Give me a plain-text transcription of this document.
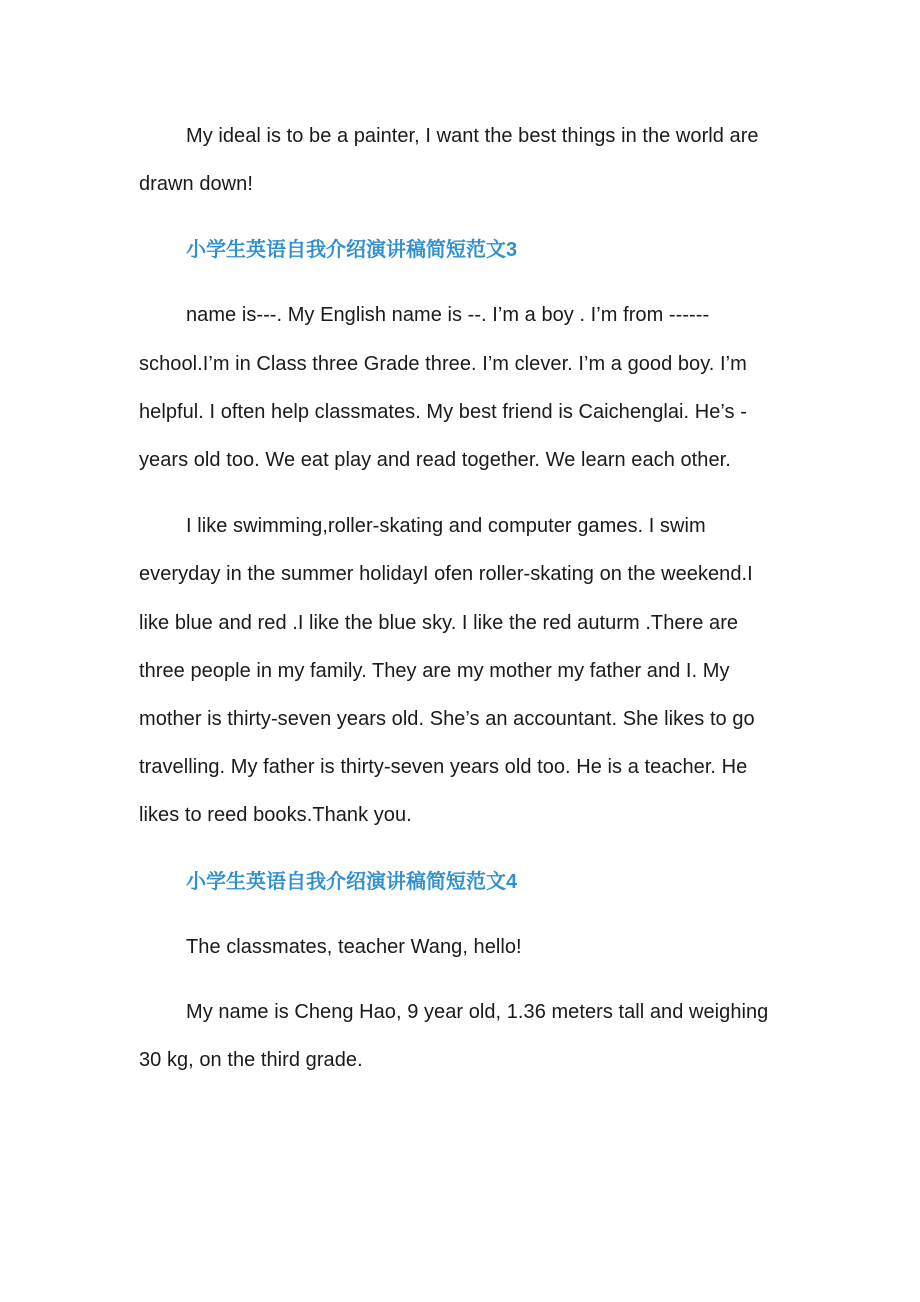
My ideal is to be a painter, I want the best things in the world are drawn down!

小学生英语自我介绍演讲稿简短范文3

name is---. My English name is --. I’m a boy . I’m from ------school.I’m in Class three Grade three. I’m clever. I’m a good boy. I’m helpful. I often help classmates. My best friend is Caichenglai. He’s - years old too. We eat play and read together. We learn each other.

I like swimming,roller-skating and computer games. I swim everyday in the summer holidayI ofen roller-skating on the weekend.I like blue and red .I like the blue sky. I like the red auturm .There are three people in my family. They are my mother my father and I. My mother is thirty-seven years old. She’s an accountant. She likes to go travelling. My father is thirty-seven years old too. He is a teacher. He likes to reed books.Thank you.

小学生英语自我介绍演讲稿简短范文4

The classmates, teacher Wang, hello!

My name is Cheng Hao, 9 year old, 1.36 meters tall and weighing 30 kg, on the third grade.
